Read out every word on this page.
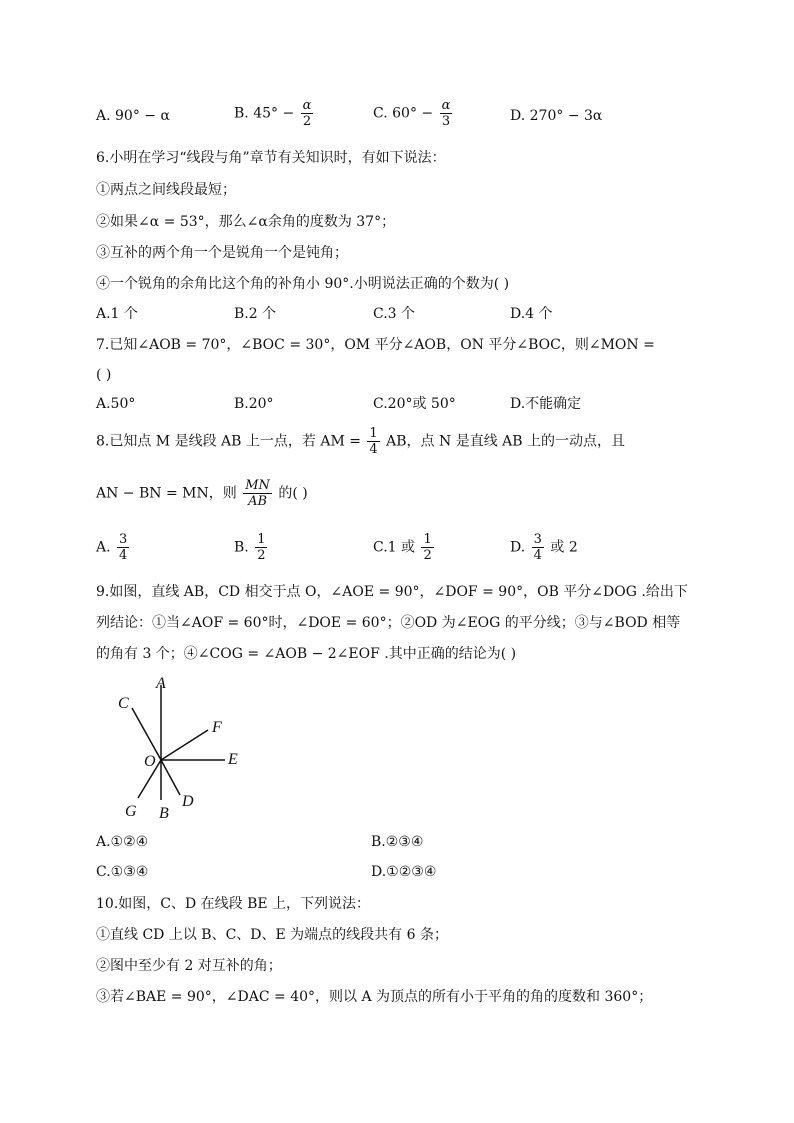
A. 90° − α	B. $45^\circ - \frac{\alpha}{2}$	C. $60^\circ - \frac{\alpha}{3}$	D. 270° − 3α
6.小明在学习“线段与角”章节有关知识时，有如下说法：
①两点之间线段最短；
②如果∠α = 53°，那么∠α余角的度数为 37°；
③互补的两个角一个是锐角一个是钝角；
④一个锐角的余角比这个角的补角小 90°.小明说法正确的个数为( )
A.1 个	B.2 个	C.3 个	D.4 个
7.已知∠AOB = 70°，∠BOC = 30°，OM 平分∠AOB，ON 平分∠BOC，则∠MON =
( )
A.50°	B.20°	C.20°或 50°	D.不能确定
8.已知点 M 是线段 AB 上一点，若 AM = $\frac{1}{4}$ AB，点 N 是直线 AB 上的一动点，且
AN − BN = MN，则 $\frac{MN}{AB}$ 的( )
A. $\frac{3}{4}$	B. $\frac{1}{2}$	C.1 或 $\frac{1}{2}$	D. $\frac{3}{4}$ 或 2
9.如图，直线 AB，CD 相交于点 O，∠AOE = 90°，∠DOF = 90°，OB 平分∠DOG .给出下
列结论：①当∠AOF = 60°时，∠DOE = 60°；②OD 为∠EOG 的平分线；③与∠BOD 相等
的角有 3 个；④∠COG = ∠AOB − 2∠EOF .其中正确的结论为( )
A
C
F
E
O
G B
D
A.①②④	B.②③④
C.①③④	D.①②③④
10.如图，C、D 在线段 BE 上，下列说法：
①直线 CD 上以 B、C、D、E 为端点的线段共有 6 条；
②图中至少有 2 对互补的角；
③若∠BAE = 90°，∠DAC = 40°，则以 A 为顶点的所有小于平角的角的度数和 360°；
